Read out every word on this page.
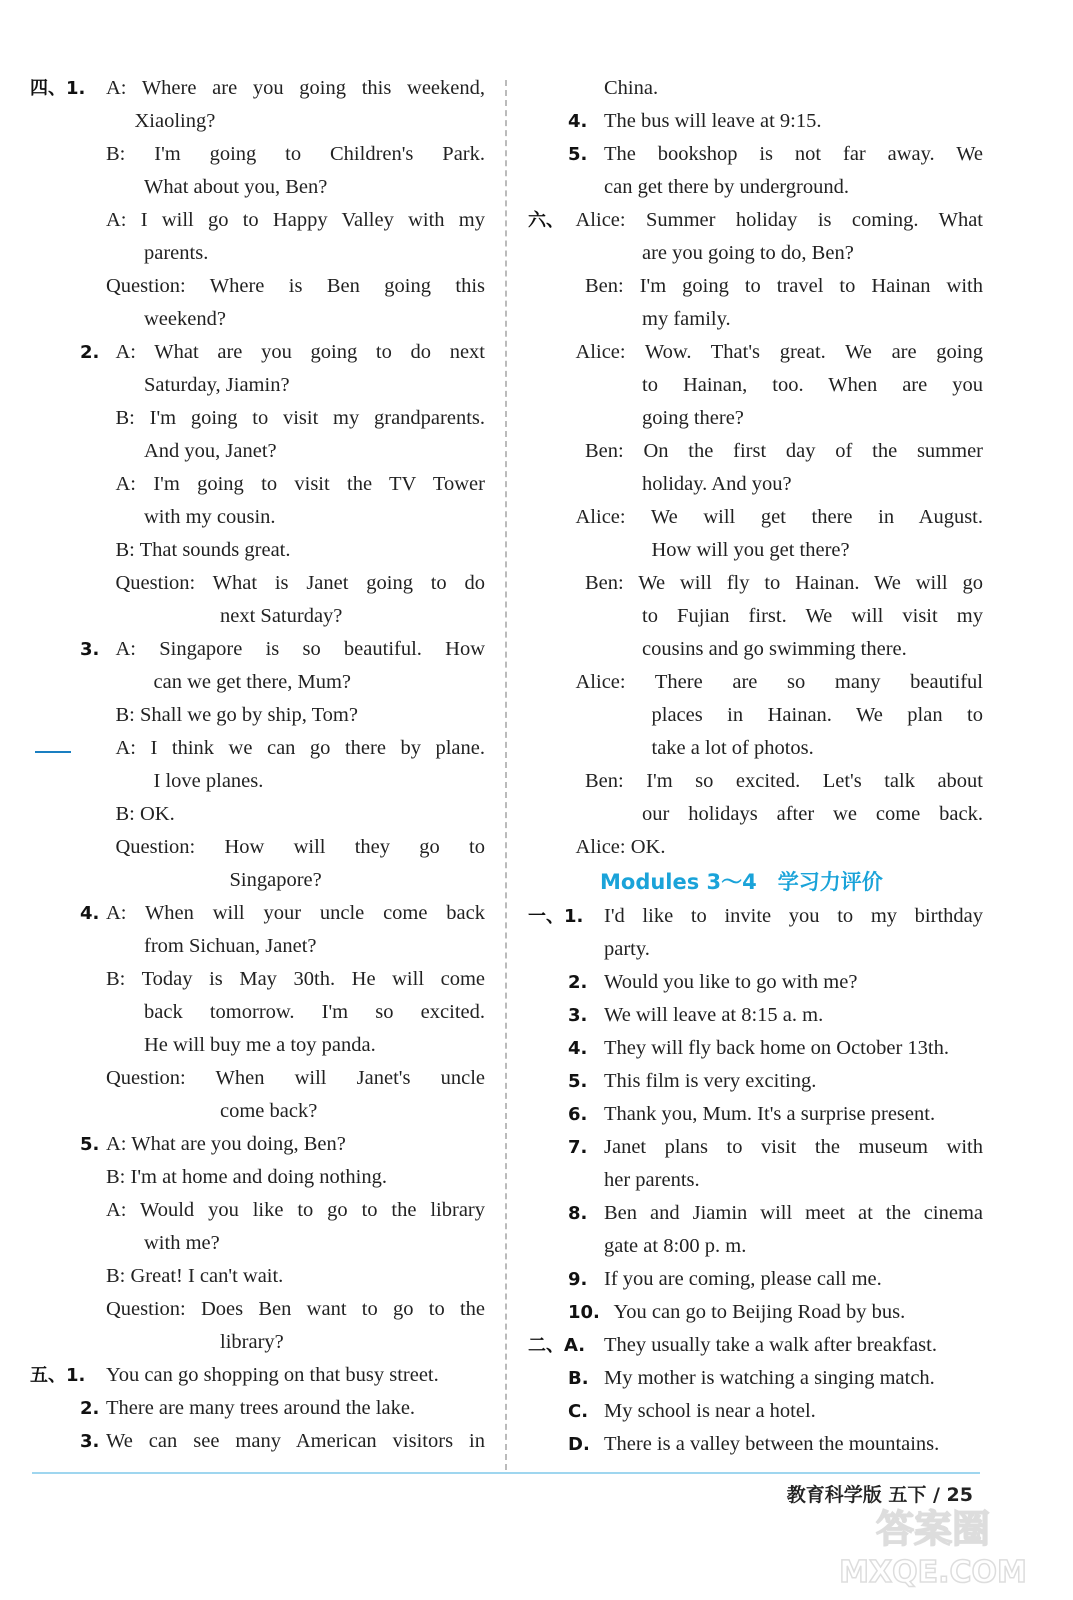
四、1. A: Where are you going this weekend,
Xiaoling?
B: I'm going to Children's Park.
What about you, Ben?
A: I will go to Happy Valley with my
parents.
Question: Where is Ben going this
weekend?
2. A: What are you going to do next
Saturday, Jiamin?
B: I'm going to visit my grandparents.
And you, Janet?
A: I'm going to visit the TV Tower
with my cousin.
B: That sounds great.
Question: What is Janet going to do
next Saturday?
3. A: Singapore is so beautiful. How
can we get there, Mum?
B: Shall we go by ship, Tom?
A: I think we can go there by plane.
I love planes.
B: OK.
Question: How will they go to
Singapore?
4. A: When will your uncle come back
from Sichuan, Janet?
B: Today is May 30th. He will come
back tomorrow. I'm so excited.
He will buy me a toy panda.
Question: When will Janet's uncle
come back?
5. A: What are you doing, Ben?
B: I'm at home and doing nothing.
A: Would you like to go to the library
with me?
B: Great! I can't wait.
Question: Does Ben want to go to the
library?
五、1. You can go shopping on that busy street.
2. There are many trees around the lake.
3. We can see many American visitors in
China.
4. The bus will leave at 9:15.
5. The bookshop is not far away. We
can get there by underground.
六、 Alice: Summer holiday is coming. What
are you going to do, Ben?
Ben: I'm going to travel to Hainan with
my family.
Alice: Wow. That's great. We are going
to Hainan, too. When are you
going there?
Ben: On the first day of the summer
holiday. And you?
Alice: We will get there in August.
How will you get there?
Ben: We will fly to Hainan. We will go
to Fujian first. We will visit my
cousins and go swimming there.
Alice: There are so many beautiful
places in Hainan. We plan to
take a lot of photos.
Ben: I'm so excited. Let's talk about
our holidays after we come back.
Alice: OK.
Modules 3～4　学习力评价
一、1. I'd like to invite you to my birthday
party.
2. Would you like to go with me?
3. We will leave at 8:15 a. m.
4. They will fly back home on October 13th.
5. This film is very exciting.
6. Thank you, Mum. It's a surprise present.
7. Janet plans to visit the museum with
her parents.
8. Ben and Jiamin will meet at the cinema
gate at 8:00 p. m.
9. If you are coming, please call me.
10. You can go to Beijing Road by bus.
二、A. They usually take a walk after breakfast.
B. My mother is watching a singing match.
C. My school is near a hotel.
D. There is a valley between the mountains.
教育科学版 五下 / 25
答案圈
MXQE.COM
